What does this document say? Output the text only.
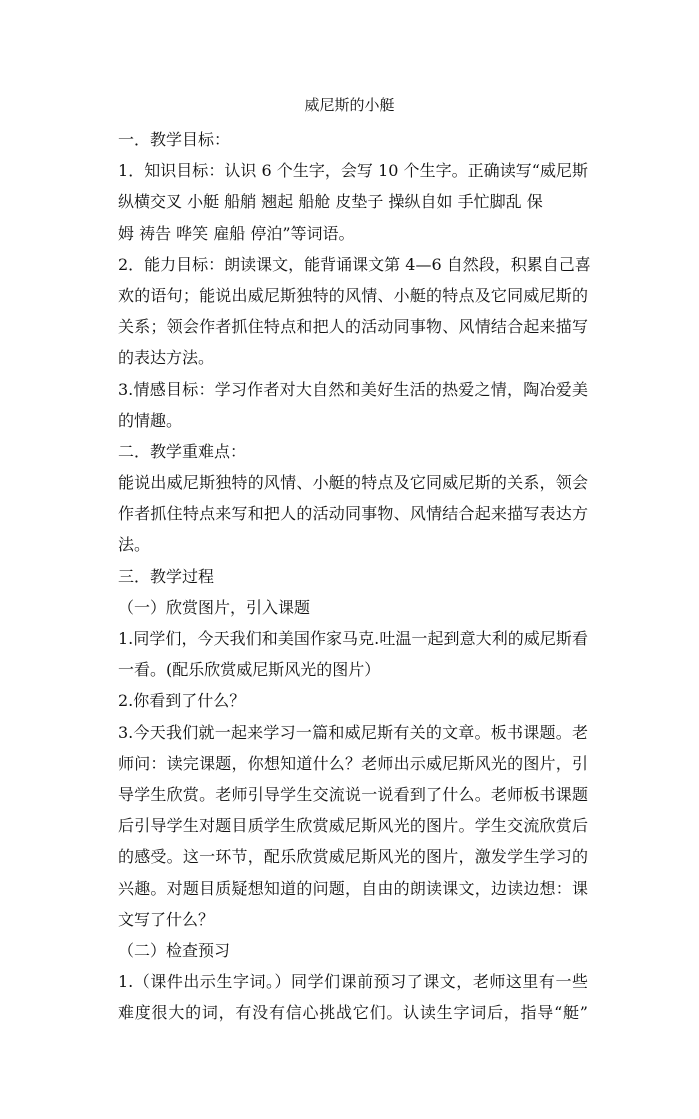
威尼斯的小艇
一．教学目标：
1．知识目标：认识 6 个生字，会写 10 个生字。正确读写“威尼斯
纵横交叉 小艇 船艄 翘起 船舱 皮垫子 操纵自如 手忙脚乱 保
姆 祷告 哗笑 雇船 停泊”等词语。
2．能力目标：朗读课文，能背诵课文第 4—6 自然段，积累自己喜
欢的语句；能说出威尼斯独特的风情、小艇的特点及它同威尼斯的
关系；领会作者抓住特点和把人的活动同事物、风情结合起来描写
的表达方法。
3.情感目标：学习作者对大自然和美好生活的热爱之情，陶冶爱美
的情趣。
二．教学重难点：
能说出威尼斯独特的风情、小艇的特点及它同威尼斯的关系，领会
作者抓住特点来写和把人的活动同事物、风情结合起来描写表达方
法。
三．教学过程
（一）欣赏图片，引入课题
1.同学们，今天我们和美国作家马克.吐温一起到意大利的威尼斯看
一看。(配乐欣赏威尼斯风光的图片）
2.你看到了什么？
3.今天我们就一起来学习一篇和威尼斯有关的文章。板书课题。老
师问：读完课题，你想知道什么？老师出示威尼斯风光的图片，引
导学生欣赏。老师引导学生交流说一说看到了什么。老师板书课题
后引导学生对题目质学生欣赏威尼斯风光的图片。学生交流欣赏后
的感受。这一环节，配乐欣赏威尼斯风光的图片，激发学生学习的
兴趣。对题目质疑想知道的问题，自由的朗读课文，边读边想：课
文写了什么？
（二）检查预习
1.（课件出示生字词。）同学们课前预习了课文，老师这里有一些
难度很大的词，有没有信心挑战它们。认读生字词后，指导“艇”
